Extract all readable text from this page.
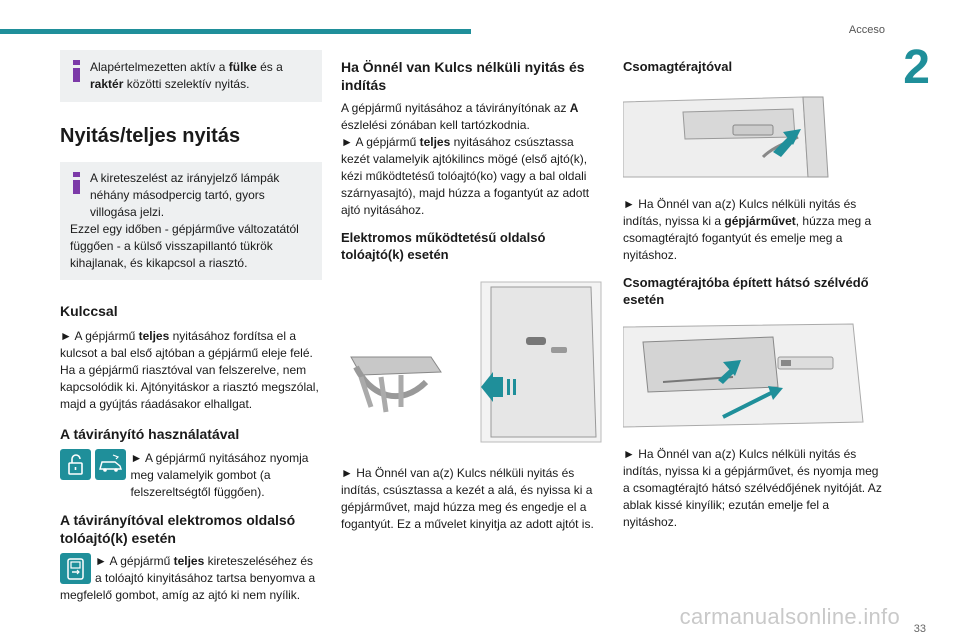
Acceso
2
Alapértelmezetten aktív a fülke és a raktér közötti szelektív nyitás.
Nyitás/teljes nyitás
A kireteszelést az irányjelző lámpák néhány másodpercig tartó, gyors villogása jelzi.
Ezzel egy időben - gépjárműve változatától függően - a külső visszapillantó tükrök kihajlanak, és kikapcsol a riasztó.
Kulccsal

► A gépjármű teljes nyitásához fordítsa el a kulcsot a bal első ajtóban a gépjármű eleje felé.

Ha a gépjármű riasztóval van felszerelve, nem kapcsolódik ki. Ajtónyitáskor a riasztó megszólal, majd a gyújtás ráadásakor elhallgat.

A távirányító használatával

► A gépjármű nyitásához nyomja meg valamelyik gombot (a felszereltségtől függően).

A távirányítóval elektromos oldalsó tolóajtó(k) esetén

► A gépjármű teljes kireteszeléséhez és a tolóajtó kinyitásához tartsa benyomva a megfelelő gombot, amíg az ajtó ki nem nyílik.

Ha Önnél van Kulcs nélküli nyitás és indítás

A gépjármű nyitásához a távirányítónak az A észlelési zónában kell tartózkodnia.

► A gépjármű teljes nyitásához csúsztassa kezét valamelyik ajtókilincs mögé (első ajtó(k), kézi működtetésű tolóajtó(ko) vagy a bal oldali szárnyasajtó), majd húzza a fogantyút az adott ajtó nyitásához.

Elektromos működtetésű oldalsó tolóajtó(k) esetén

► Ha Önnél van a(z) Kulcs nélküli nyitás és indítás, csúsztassa a kezét a alá, és nyissa ki a gépjárművet, majd húzza meg és engedje el a fogantyút. Ez a művelet kinyitja az adott ajtót is.

Csomagtérajtóval

► Ha Önnél van a(z) Kulcs nélküli nyitás és indítás, nyissa ki a gépjárművet, húzza meg a csomagtérajtó fogantyút és emelje meg a nyitáshoz.

Csomagtérajtóba épített hátsó szélvédő esetén

► Ha Önnél van a(z) Kulcs nélküli nyitás és indítás, nyissa ki a gépjárművet, és nyomja meg a csomagtérajtó hátsó szélvédőjének nyitóját. Az ablak kissé kinyílik; ezután emelje fel a nyitáshoz.

carmanualsonline.info 33
